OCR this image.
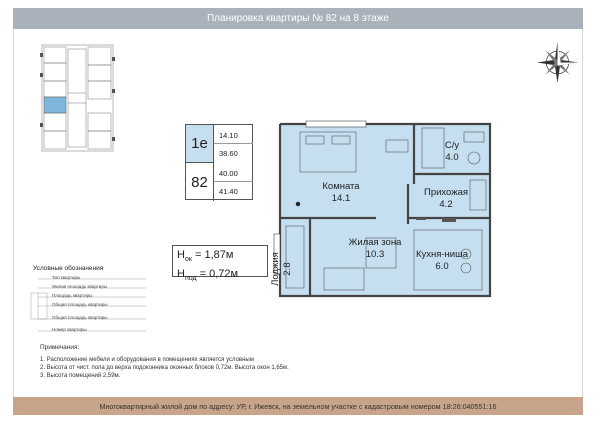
Планировка квартиры № 82 на 8 этаже
1е
82
14.10
38.60
40.00
41.40
$H_{ок} = 1,87м$
$H_{под} = 0,72м$
Комната
14.1
С/у
4.0
Прихожая
4.2
Жилая зона
10.3	Кухня-ниша
6.0
Лоджия 2.8
Условные обозначения
Тип квартиры
Жилая площадь квартиры
Площадь квартиры
Общая площадь квартиры
Общая площадь квартиры
Номер квартиры
Примечания:
1. Расположение мебели и оборудования в помещениях является условным
2. Высота от чист. пола до верха подоконника оконных блоков 0,72м. Высота окон 1,65м.
3. Высота помещений 2,59м.
Многоквартирный жилой дом по адресу: УР, г. Ижевск, на земельном участке с кадастровым номером 18:26:040551:16
